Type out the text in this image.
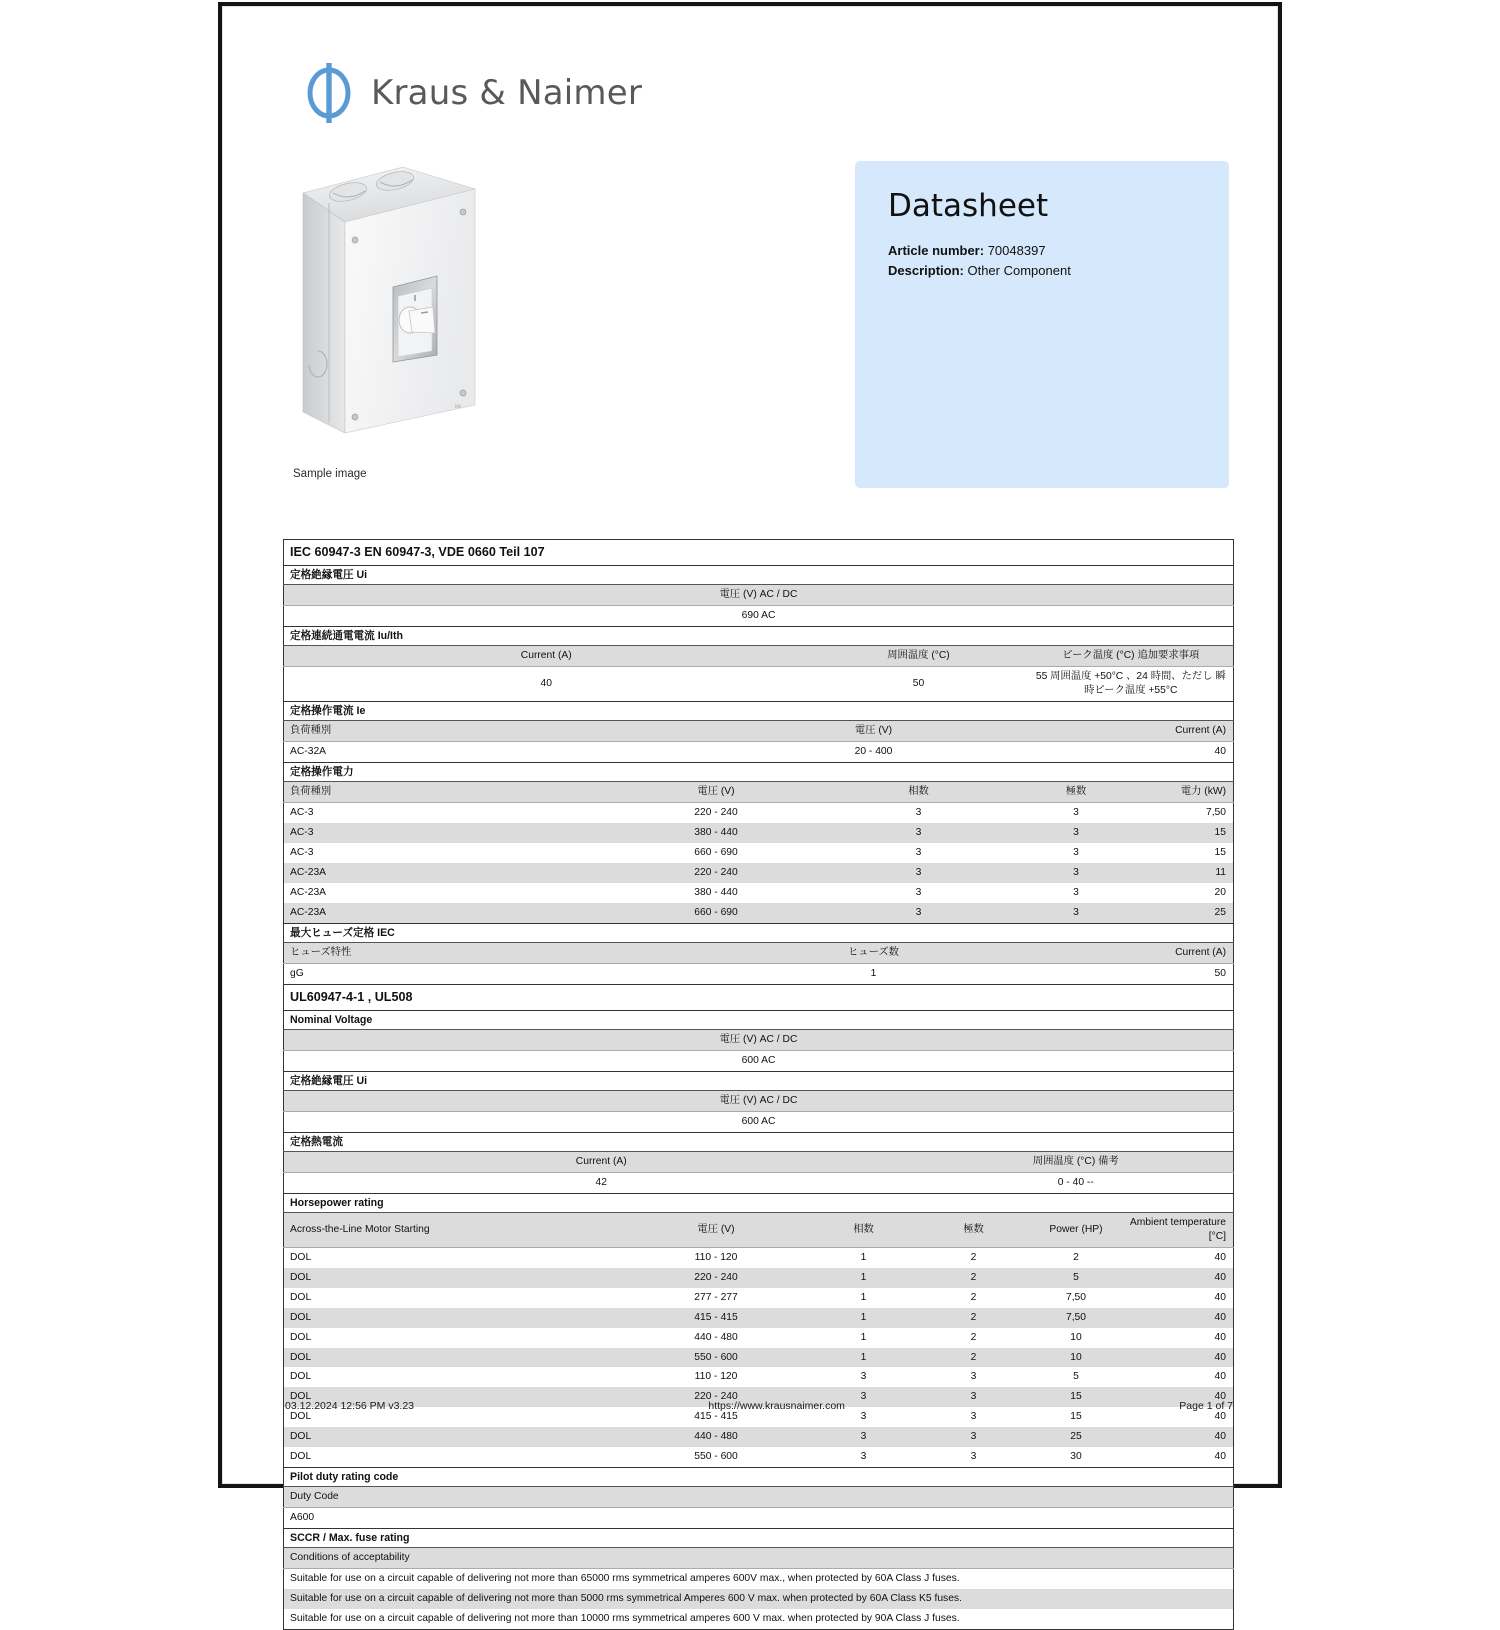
Kraus & Naimer
KN
Sample image
Datasheet
Article number: 70048397
Description: Other Component
IEC 60947-3 EN 60947-3, VDE 0660 Teil 107					
定格絶縁電圧 Ui					
電圧 (V) AC / DC					
690 AC					
定格連続通電電流 Iu/Ith					
Current (A)		周囲温度 (°C)		ピーク温度 (°C) 追加要求事項	
40		50		55 周囲温度 +50°C 、24 時間、ただし 瞬時ピーク温度 +55°C	
定格操作電流 Ie					
負荷種別	電圧 (V)				Current (A)
AC-32A	20 - 400				40
定格操作電力					
負荷種別	電圧 (V)	相数		極数	電力 (kW)
AC-3	220 - 240	3		3	7,50
AC-3	380 - 440	3		3	15
AC-3	660 - 690	3		3	15
AC-23A	220 - 240	3		3	11
AC-23A	380 - 440	3		3	20
AC-23A	660 - 690	3		3	25
最大ヒューズ定格 IEC					
ヒューズ特性	ヒューズ数				Current (A)
gG	1				50
UL60947-4-1 , UL508					
Nominal Voltage					
電圧 (V) AC / DC					
600 AC					
定格絶縁電圧 Ui					
電圧 (V) AC / DC					
600 AC					
定格熱電流					
Current (A)			周囲温度 (°C) 備考		
42			0 - 40 --		
Horsepower rating					
Across-the-Line Motor Starting	電圧 (V)	相数	極数	Power (HP)	Ambient temperature [°C]
DOL	110 - 120	1	2	2	40
DOL	220 - 240	1	2	5	40
DOL	277 - 277	1	2	7,50	40
DOL	415 - 415	1	2	7,50	40
DOL	440 - 480	1	2	10	40
DOL	550 - 600	1	2	10	40
DOL	110 - 120	3	3	5	40
DOL	220 - 240	3	3	15	40
DOL	415 - 415	3	3	15	40
DOL	440 - 480	3	3	25	40
DOL	550 - 600	3	3	30	40
Pilot duty rating code					
Duty Code					
A600					
SCCR / Max. fuse rating					
Conditions of acceptability					
Suitable for use on a circuit capable of delivering not more than 65000 rms symmetrical amperes 600V max., when protected by 60A Class J fuses.					
Suitable for use on a circuit capable of delivering not more than 5000 rms symmetrical Amperes 600 V max. when protected by 60A Class K5 fuses.					
Suitable for use on a circuit capable of delivering not more than 10000 rms symmetrical amperes 600 V max. when protected by 90A Class J fuses.					
03.12.2024 12:56 PM v3.23	https://www.krausnaimer.com	Page 1 of 7
